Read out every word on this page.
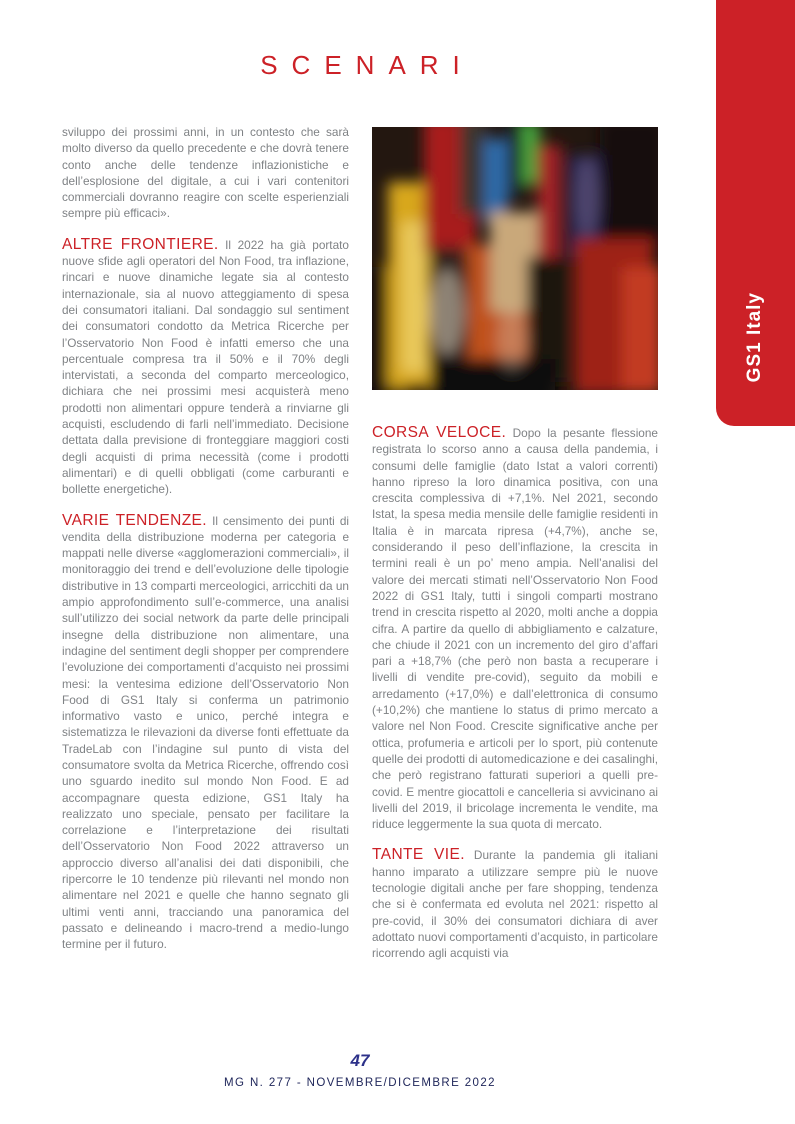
SCENARI
GS1 Italy

sviluppo dei prossimi anni, in un contesto che sarà molto diverso da quello precedente e che dovrà tenere conto anche delle tendenze inflazionistiche e dell’esplosione del digitale, a cui i vari contenitori commerciali dovranno reagire con scelte esperienziali sempre più efficaci».

ALTRE FRONTIERE. Il 2022 ha già portato nuove sfide agli operatori del Non Food, tra inflazione, rincari e nuove dinamiche legate sia al contesto internazionale, sia al nuovo atteggiamento di spesa dei consumatori italiani. Dal sondaggio sul sentiment dei consumatori condotto da Metrica Ricerche per l’Osservatorio Non Food è infatti emerso che una percentuale compresa tra il 50% e il 70% degli intervistati, a seconda del comparto merceologico, dichiara che nei prossimi mesi acquisterà meno prodotti non alimentari oppure tenderà a rinviarne gli acquisti, escludendo di farli nell’immediato. Decisione dettata dalla previsione di fronteggiare maggiori costi degli acquisti di prima necessità (come i prodotti alimentari) e di quelli obbligati (come carburanti e bollette energetiche).

VARIE TENDENZE. Il censimento dei punti di vendita della distribuzione moderna per categoria e mappati nelle diverse «agglomerazioni commerciali», il monitoraggio dei trend e dell’evoluzione delle tipologie distributive in 13 comparti merceologici, arricchiti da un ampio approfondimento sull’e-commerce, una analisi sull’utilizzo dei social network da parte delle principali insegne della distribuzione non alimentare, una indagine del sentiment degli shopper per comprendere l’evoluzione dei comportamenti d’acquisto nei prossimi mesi: la ventesima edizione dell’Osservatorio Non Food di GS1 Italy si conferma un patrimonio informativo vasto e unico, perché integra e sistematizza le rilevazioni da diverse fonti effettuate da TradeLab con l’indagine sul punto di vista del consumatore svolta da Metrica Ricerche, offrendo così uno sguardo inedito sul mondo Non Food. E ad accompagnare questa edizione, GS1 Italy ha realizzato uno speciale, pensato per facilitare la correlazione e l’interpretazione dei risultati dell’Osservatorio Non Food 2022 attraverso un approccio diverso all’analisi dei dati disponibili, che ripercorre le 10 tendenze più rilevanti nel mondo non alimentare nel 2021 e quelle che hanno segnato gli ultimi venti anni, tracciando una panoramica del passato e delineando i macro-trend a medio-lungo termine per il futuro.

CORSA VELOCE. Dopo la pesante flessione registrata lo scorso anno a causa della pandemia, i consumi delle famiglie (dato Istat a valori correnti) hanno ripreso la loro dinamica positiva, con una crescita complessiva di +7,1%. Nel 2021, secondo Istat, la spesa media mensile delle famiglie residenti in Italia è in marcata ripresa (+4,7%), anche se, considerando il peso dell’inflazione, la crescita in termini reali è un po’ meno ampia. Nell’analisi del valore dei mercati stimati nell’Osservatorio Non Food 2022 di GS1 Italy, tutti i singoli comparti mostrano trend in crescita rispetto al 2020, molti anche a doppia cifra. A partire da quello di abbigliamento e calzature, che chiude il 2021 con un incremento del giro d’affari pari a +18,7% (che però non basta a recuperare i livelli di vendite pre-covid), seguito da mobili e arredamento (+17,0%) e dall’elettronica di consumo (+10,2%) che mantiene lo status di primo mercato a valore nel Non Food. Crescite significative anche per ottica, profumeria e articoli per lo sport, più contenute quelle dei prodotti di automedicazione e dei casalinghi, che però registrano fatturati superiori a quelli pre-covid. E mentre giocattoli e cancelleria si avvicinano ai livelli del 2019, il bricolage incrementa le vendite, ma riduce leggermente la sua quota di mercato.

TANTE VIE. Durante la pandemia gli italiani hanno imparato a utilizzare sempre più le nuove tecnologie digitali anche per fare shopping, tendenza che si è confermata ed evoluta nel 2021: rispetto al pre-covid, il 30% dei consumatori dichiara di aver adottato nuovi comportamenti d’acquisto, in particolare ricorrendo agli acquisti via

47
MG N. 277 - NOVEMBRE/DICEMBRE 2022
